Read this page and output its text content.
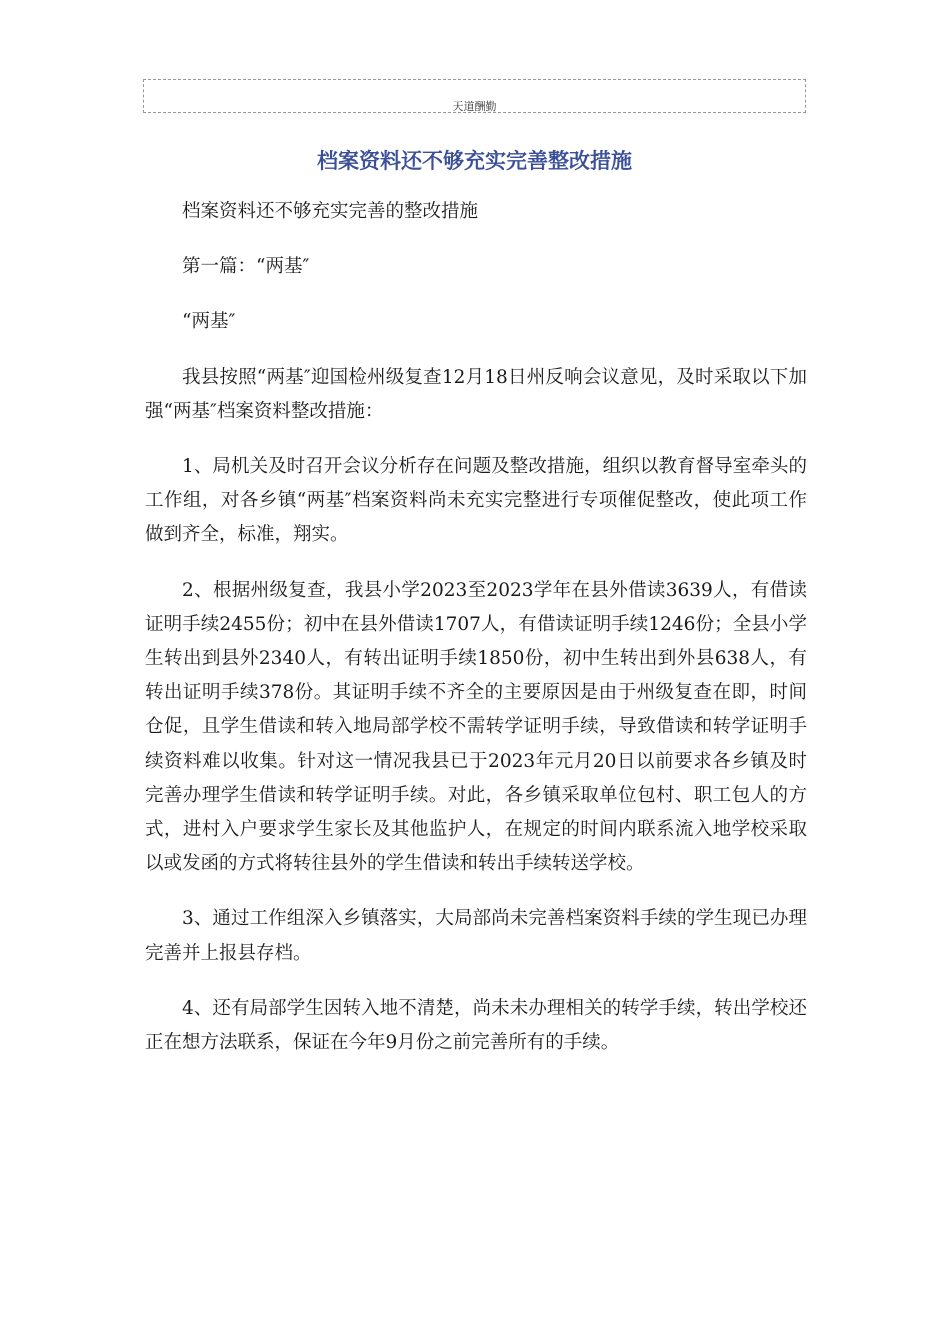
天道酬勤
档案资料还不够充实完善整改措施

档案资料还不够充实完善的整改措施

第一篇：“两基″

“两基″

我县按照“两基″迎国检州级复查12月18日州反响会议意见，及时采取以下加强“两基″档案资料整改措施：

1、局机关及时召开会议分析存在问题及整改措施，组织以教育督导室牵头的工作组，对各乡镇“两基″档案资料尚未充实完整进行专项催促整改，使此项工作做到齐全，标准，翔实。

2、根据州级复查，我县小学2023至2023学年在县外借读3639人，有借读证明手续2455份；初中在县外借读1707人，有借读证明手续1246份；全县小学生转出到县外2340人，有转出证明手续1850份，初中生转出到外县638人，有转出证明手续378份。其证明手续不齐全的主要原因是由于州级复查在即，时间仓促，且学生借读和转入地局部学校不需转学证明手续，导致借读和转学证明手续资料难以收集。针对这一情况我县已于2023年元月20日以前要求各乡镇及时完善办理学生借读和转学证明手续。对此，各乡镇采取单位包村、职工包人的方式，进村入户要求学生家长及其他监护人，在规定的时间内联系流入地学校采取以或发函的方式将转往县外的学生借读和转出手续转送学校。

3、通过工作组深入乡镇落实，大局部尚未完善档案资料手续的学生现已办理完善并上报县存档。

4、还有局部学生因转入地不清楚，尚未未办理相关的转学手续，转出学校还正在想方法联系，保证在今年9月份之前完善所有的手续。
